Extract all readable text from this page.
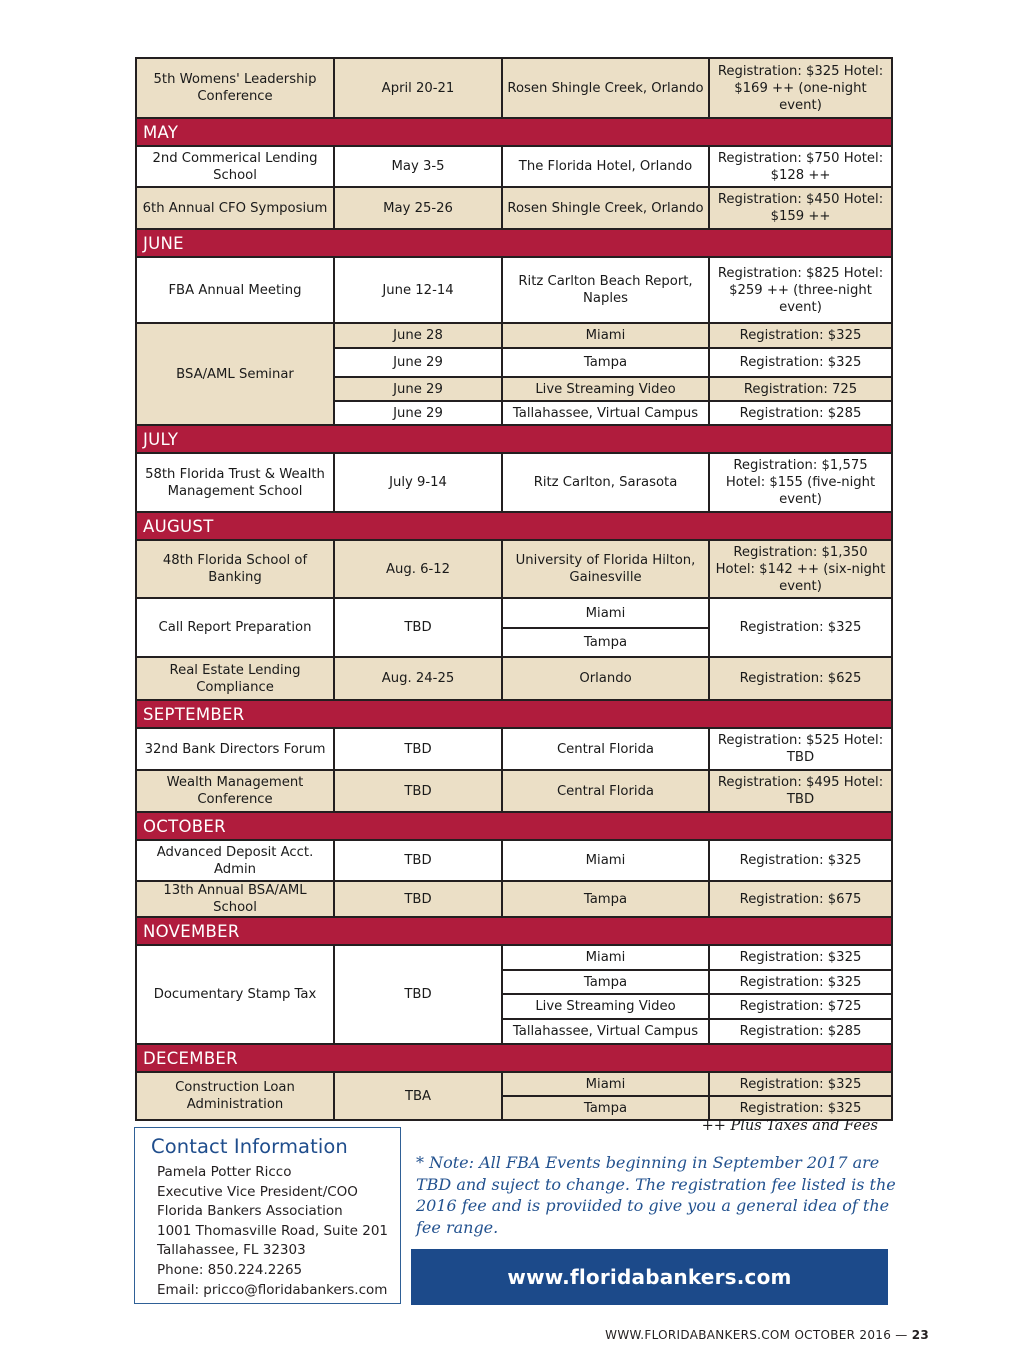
5th Womens' Leadership Conference	April 20-21	Rosen Shingle Creek, Orlando	Registration: $325 Hotel: $169 ++ (one-night event)
MAY			
2nd Commerical Lending School	May 3-5	The Florida Hotel, Orlando	Registration: $750 Hotel: $128 ++
6th Annual CFO Symposium	May 25-26	Rosen Shingle Creek, Orlando	Registration: $450 Hotel: $159 ++
JUNE			
FBA Annual Meeting	June 12-14	Ritz Carlton Beach Report, Naples	Registration: $825 Hotel: $259 ++ (three-night event)
BSA/AML Seminar	June 28	Miami	Registration: $325
	June 29	Tampa	Registration: $325
	June 29	Live Streaming Video	Registration: 725
	June 29	Tallahassee, Virtual Campus	Registration: $285
JULY			
58th Florida Trust & Wealth Management School	July 9-14	Ritz Carlton, Sarasota	Registration: $1,575 Hotel: $155 (five-night event)
AUGUST			
48th Florida School of Banking	Aug. 6-12	University of Florida Hilton, Gainesville	Registration: $1,350 Hotel: $142 ++ (six-night event)
Call Report Preparation	TBD	Miami	Registration: $325
		Tampa	
Real Estate Lending Compliance	Aug. 24-25	Orlando	Registration: $625
SEPTEMBER			
32nd Bank Directors Forum	TBD	Central Florida	Registration: $525 Hotel: TBD
Wealth Management Conference	TBD	Central Florida	Registration: $495 Hotel: TBD
OCTOBER			
Advanced Deposit Acct. Admin	TBD	Miami	Registration: $325
13th Annual BSA/AML School	TBD	Tampa	Registration: $675
NOVEMBER			
Documentary Stamp Tax	TBD	Miami	Registration: $325
		Tampa	Registration: $325
		Live Streaming Video	Registration: $725
		Tallahassee, Virtual Campus	Registration: $285
DECEMBER			
Construction Loan Administration	TBA	Miami	Registration: $325
		Tampa	Registration: $325
++ Plus Taxes and Fees
Contact Information
Pamela Potter Ricco
Executive Vice President/COO
Florida Bankers Association
1001 Thomasville Road, Suite 201
Tallahassee, FL 32303
Phone: 850.224.2265
Email: pricco@floridabankers.com
* Note: All FBA Events beginning in September 2017 are TBD and suject to change. The registration fee listed is the 2016 fee and is proviided to give you a general idea of the fee range.
www.floridabankers.com
WWW.FLORIDABANKERS.COM OCTOBER 2016 — 23
